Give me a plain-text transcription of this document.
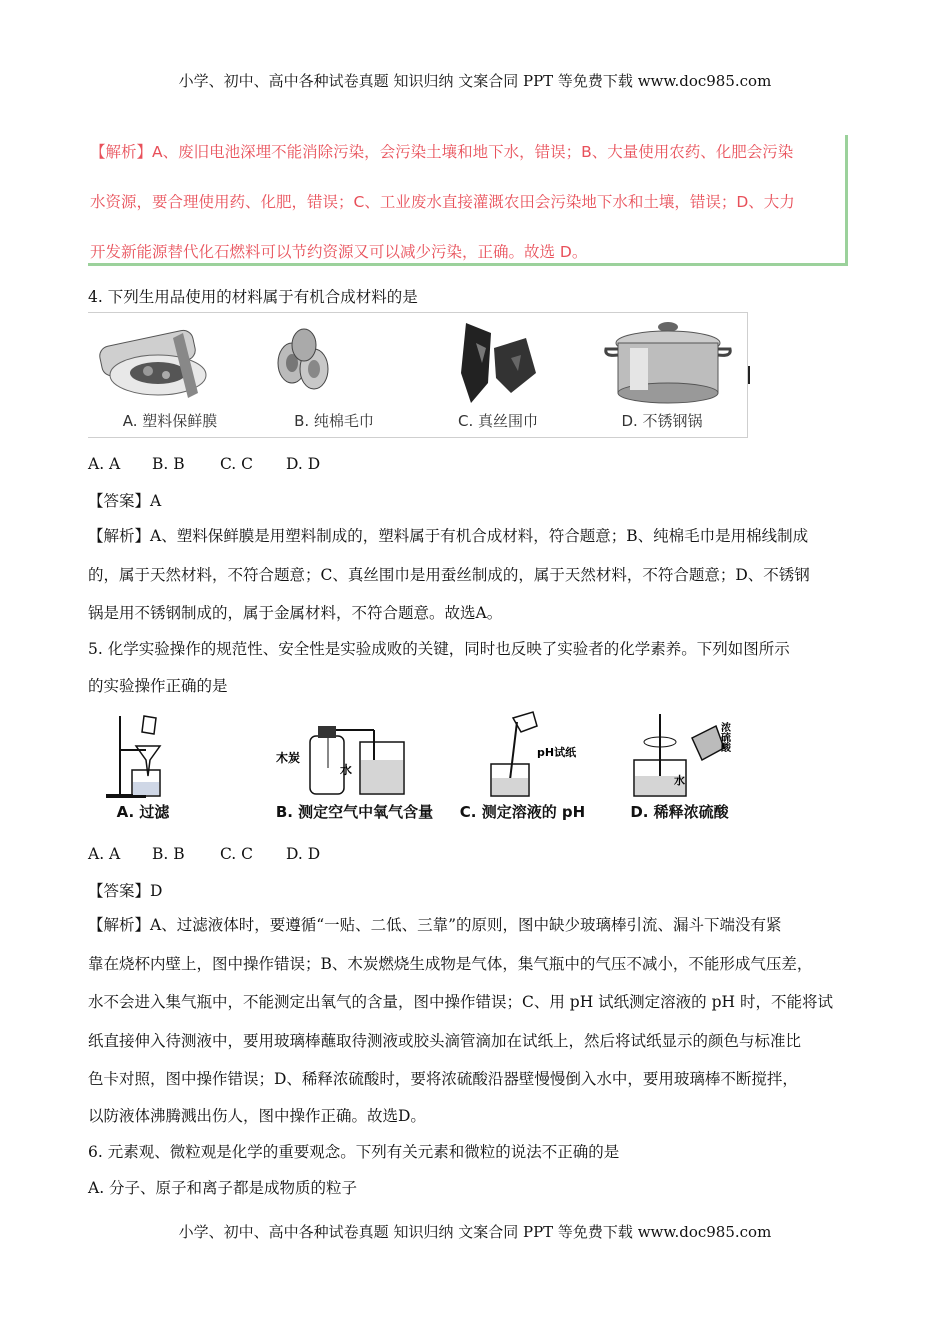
小学、初中、高中各种试卷真题 知识归纳 文案合同 PPT 等免费下载 www.doc985.com
【解析】A、废旧电池深埋不能消除污染，会污染土壤和地下水，错误；B、大量使用农药、化肥会污染
水资源，要合理使用药、化肥，错误；C、工业废水直接灌溉农田会污染地下水和土壤，错误；D、大力
开发新能源替代化石燃料可以节约资源又可以减少污染，正确。故选 D。
4. 下列生用品使用的材料属于有机合成材料的是
A. 塑料保鲜膜	B. 纯棉毛巾	C. 真丝围巾	D. 不锈钢锅
A. A B. B C. C D. D
【答案】A
【解析】A、塑料保鲜膜是用塑料制成的，塑料属于有机合成材料，符合题意；B、纯棉毛巾是用棉线制成
的，属于天然材料，不符合题意；C、真丝围巾是用蚕丝制成的，属于天然材料，不符合题意；D、不锈钢
锅是用不锈钢制成的，属于金属材料，不符合题意。故选A。
5. 化学实验操作的规范性、安全性是实验成败的关键，同时也反映了实验者的化学素养。下列如图所示
的实验操作正确的是
A. 过滤
木炭
水
B. 测定空气中氧气含量
pH试纸
C. 测定溶液的 pH
水
浓硫酸
D. 稀释浓硫酸
A. A B. B C. C D. D
【答案】D
【解析】A、过滤液体时，要遵循“一贴、二低、三靠”的原则，图中缺少玻璃棒引流、漏斗下端没有紧
靠在烧杯内壁上，图中操作错误；B、木炭燃烧生成物是气体，集气瓶中的气压不减小，不能形成气压差，
水不会进入集气瓶中，不能测定出氧气的含量，图中操作错误；C、用 pH 试纸测定溶液的 pH 时，不能将试
纸直接伸入待测液中，要用玻璃棒蘸取待测液或胶头滴管滴加在试纸上，然后将试纸显示的颜色与标准比
色卡对照，图中操作错误；D、稀释浓硫酸时，要将浓硫酸沿器壁慢慢倒入水中，要用玻璃棒不断搅拌，
以防液体沸腾溅出伤人，图中操作正确。故选D。
6. 元素观、微粒观是化学的重要观念。下列有关元素和微粒的说法不正确的是
A. 分子、原子和离子都是成物质的粒子
小学、初中、高中各种试卷真题 知识归纳 文案合同 PPT 等免费下载 www.doc985.com
